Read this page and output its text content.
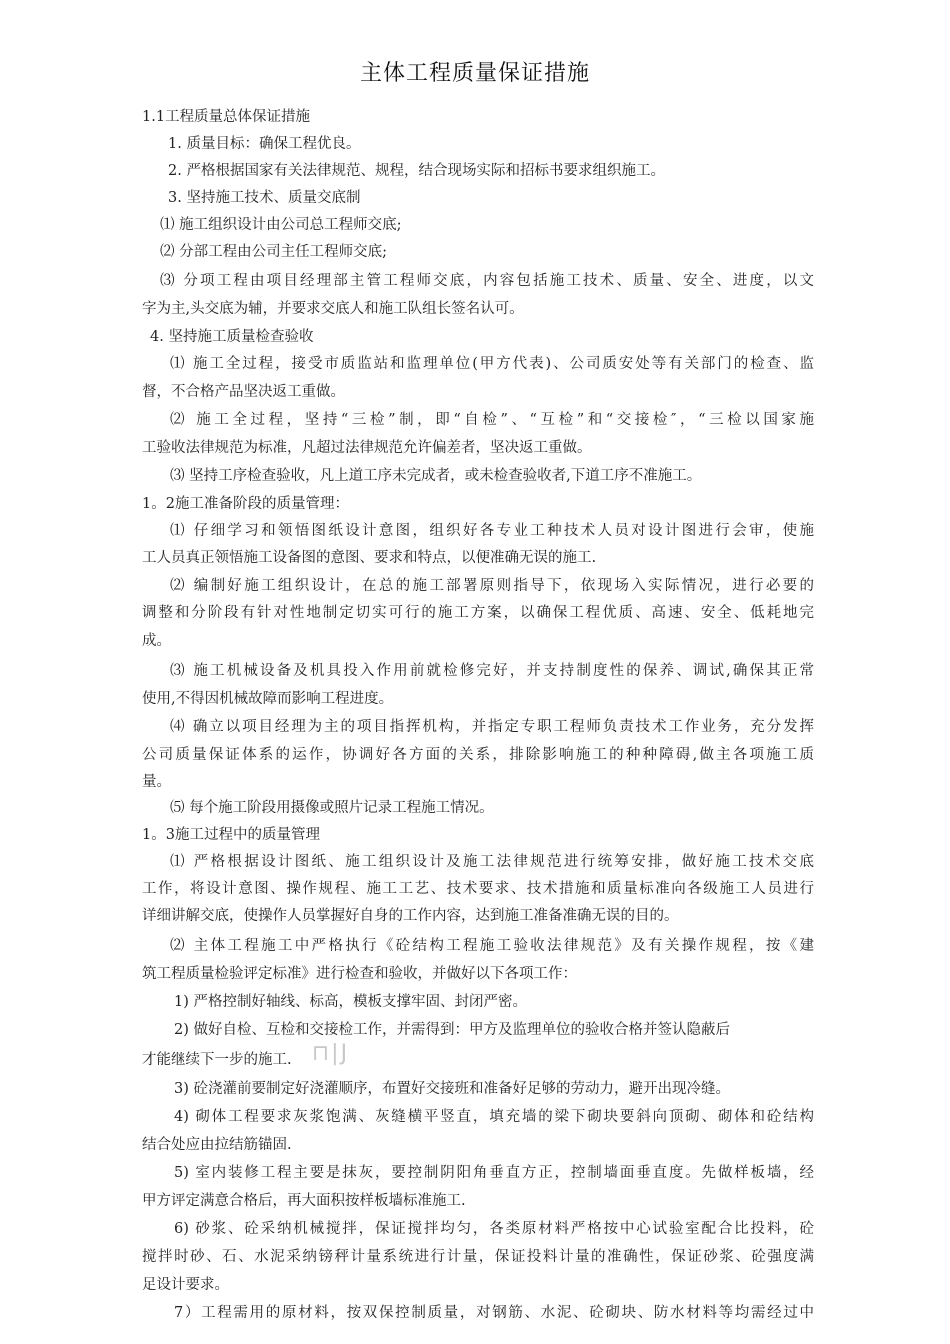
主体工程质量保证措施
1.1工程质量总体保证措施
1. 质量目标：确保工程优良。
2. 严格根据国家有关法律规范、规程，结合现场实际和招标书要求组织施工。
3. 坚持施工技术、质量交底制
⑴ 施工组织设计由公司总工程师交底;
⑵ 分部工程由公司主任工程师交底;
⑶ 分项工程由项目经理部主管工程师交底，内容包括施工技术、质量、安全、进度，以文
字为主,头交底为辅，并要求交底人和施工队组长签名认可。
4. 坚持施工质量检查验收
⑴ 施工全过程，接受市质监站和监理单位(甲方代表)、公司质安处等有关部门的检查、监
督，不合格产品坚决返工重做。
⑵ 施工全过程，坚持“三检”制，即“自检”、“互检”和“交接检″，“三检以国家施
工验收法律规范为标准，凡超过法律规范允许偏差者，坚决返工重做。
⑶ 坚持工序检查验收，凡上道工序未完成者，或未检查验收者,下道工序不准施工。
1。2施工准备阶段的质量管理：
⑴ 仔细学习和领悟图纸设计意图，组织好各专业工种技术人员对设计图进行会审，使施
工人员真正领悟施工设备图的意图、要求和特点，以便准确无误的施工.
⑵ 编制好施工组织设计，在总的施工部署原则指导下，依现场入实际情况，进行必要的
调整和分阶段有针对性地制定切实可行的施工方案，以确保工程优质、高速、安全、低耗地完
成。
⑶ 施工机械设备及机具投入作用前就检修完好，并支持制度性的保养、调试,确保其正常
使用,不得因机械故障而影响工程进度。
⑷ 确立以项目经理为主的项目指挥机构，并指定专职工程师负责技术工作业务，充分发挥
公司质量保证体系的运作，协调好各方面的关系，排除影响施工的种种障碍,做主各项施工质
量。
⑸ 每个施工阶段用摄像或照片记录工程施工情况。
1。3施工过程中的质量管理
⑴ 严格根据设计图纸、施工组织设计及施工法律规范进行统筹安排，做好施工技术交底
工作，将设计意图、操作规程、施工工艺、技术要求、技术措施和质量标准向各级施工人员进行
详细讲解交底，使操作人员掌握好自身的工作内容，达到施工准备准确无误的目的。
⑵ 主体工程施工中严格执行《砼结构工程施工验收法律规范》及有关操作规程，按《建
筑工程质量检验评定标准》进行检查和验收，并做好以下各项工作：
1) 严格控制好轴线、标高，模板支撑牢固、封闭严密。
2) 做好自检、互检和交接检工作，并需得到：甲方及监理单位的验收合格并签认隐蔽后
才能继续下一步的施工. ⊓|J
3) 砼浇灌前要制定好浇灌顺序，布置好交接班和准备好足够的劳动力，避开出现冷缝。
4) 砌体工程要求灰浆饱满、灰缝横平竖直，填充墙的梁下砌块要斜向顶砌、砌体和砼结构
结合处应由拉结筋锚固.
5) 室内装修工程主要是抹灰，要控制阴阳角垂直方正，控制墙面垂直度。先做样板墙，经
甲方评定满意合格后，再大面积按样板墙标准施工.
6) 砂浆、砼采纳机械搅拌，保证搅拌均匀，各类原材料严格按中心试验室配合比投料，砼
搅拌时砂、石、水泥采纳镑秤计量系统进行计量，保证投料计量的准确性，保证砂浆、砼强度满
足设计要求。
7）工程需用的原材料，按双保控制质量，对钢筋、水泥、砼砌块、防水材料等均需经过中
